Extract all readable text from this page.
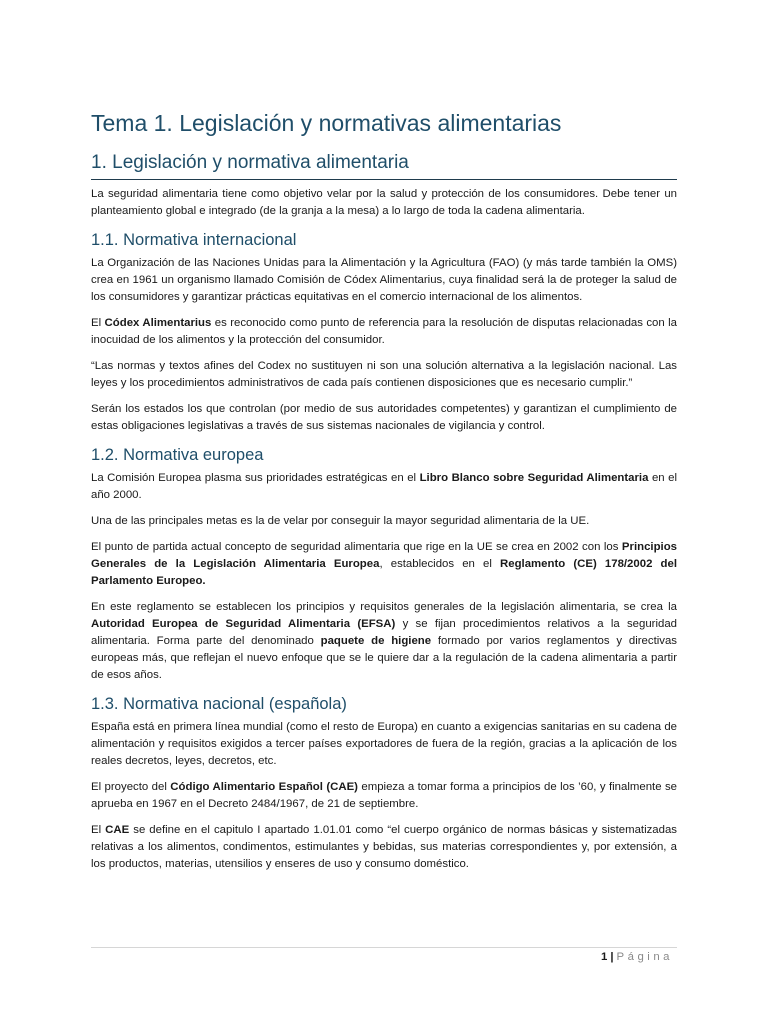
Tema 1. Legislación y normativas alimentarias
1. Legislación y normativa alimentaria

La seguridad alimentaria tiene como objetivo velar por la salud y protección de los consumidores. Debe tener un planteamiento global e integrado (de la granja a la mesa) a lo largo de toda la cadena alimentaria.

1.1. Normativa internacional

La Organización de las Naciones Unidas para la Alimentación y la Agricultura (FAO) (y más tarde también la OMS) crea en 1961 un organismo llamado Comisión de Códex Alimentarius, cuya finalidad será la de proteger la salud de los consumidores y garantizar prácticas equitativas en el comercio internacional de los alimentos.

El Códex Alimentarius es reconocido como punto de referencia para la resolución de disputas relacionadas con la inocuidad de los alimentos y la protección del consumidor.

“Las normas y textos afines del Codex no sustituyen ni son una solución alternativa a la legislación nacional. Las leyes y los procedimientos administrativos de cada país contienen disposiciones que es necesario cumplir.”

Serán los estados los que controlan (por medio de sus autoridades competentes) y garantizan el cumplimiento de estas obligaciones legislativas a través de sus sistemas nacionales de vigilancia y control.

1.2. Normativa europea

La Comisión Europea plasma sus prioridades estratégicas en el Libro Blanco sobre Seguridad Alimentaria en el año 2000.

Una de las principales metas es la de velar por conseguir la mayor seguridad alimentaria de la UE.

El punto de partida actual concepto de seguridad alimentaria que rige en la UE se crea en 2002 con los Principios Generales de la Legislación Alimentaria Europea, establecidos en el Reglamento (CE) 178/2002 del Parlamento Europeo.

En este reglamento se establecen los principios y requisitos generales de la legislación alimentaria, se crea la Autoridad Europea de Seguridad Alimentaria (EFSA) y se fijan procedimientos relativos a la seguridad alimentaria. Forma parte del denominado paquete de higiene formado por varios reglamentos y directivas europeas más, que reflejan el nuevo enfoque que se le quiere dar a la regulación de la cadena alimentaria a partir de esos años.

1.3. Normativa nacional (española)

España está en primera línea mundial (como el resto de Europa) en cuanto a exigencias sanitarias en su cadena de alimentación y requisitos exigidos a tercer países exportadores de fuera de la región, gracias a la aplicación de los reales decretos, leyes, decretos, etc.

El proyecto del Código Alimentario Español (CAE) empieza a tomar forma a principios de los ’60, y finalmente se aprueba en 1967 en el Decreto 2484/1967, de 21 de septiembre.

El CAE se define en el capitulo I apartado 1.01.01 como “el cuerpo orgánico de normas básicas y sistematizadas relativas a los alimentos, condimentos, estimulantes y bebidas, sus materias correspondientes y, por extensión, a los productos, materias, utensilios y enseres de uso y consumo doméstico.

1 | Página
